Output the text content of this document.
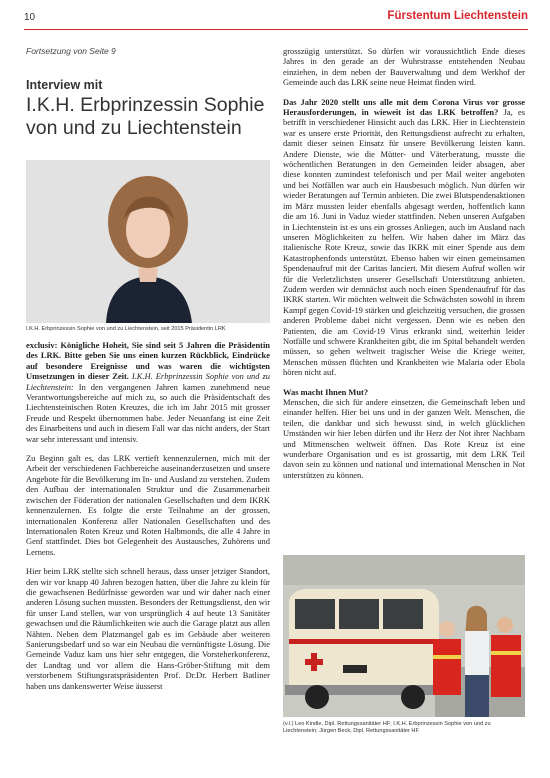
10	Fürstentum Liechtenstein
Fortsetzung von Seite 9
Interview mit
I.K.H. Erbprinzessin Sophie von und zu Liechtenstein
I.K.H. Erbprinzessin Sophie von und zu Liechtenstein, seit 2015 Präsidentin LRK

exclusiv: Königliche Hoheit, Sie sind seit 5 Jahren die Präsidentin des LRK. Bitte geben Sie uns einen kurzen Rückblick, Eindrücke auf besondere Ereignisse und was waren die wichtigsten Umsetzungen in dieser Zeit. I.K.H. Erbprinzessin Sophie von und zu Liechtenstein: In den vergangenen Jahren kamen zunehmend neue Verantwortungsbereiche auf mich zu, so auch die Präsidentschaft des Liechtensteinischen Roten Kreuzes, die ich im Jahr 2015 mit grosser Freude und Respekt übernommen habe. Jeder Neuanfang ist eine Zeit des Einarbeitens und auch in diesem Fall war das nicht anders, der Start war sehr interessant und intensiv.

Zu Beginn galt es, das LRK vertieft kennenzulernen, mich mit der Arbeit der verschiedenen Fachbereiche auseinanderzusetzen und unsere Angebote für die Bevölkerung im In- und Ausland zu verstehen. Zudem den Aufbau der internationalen Struktur und die Zusammenarbeit zwischen der Föderation der nationalen Gesellschaften und dem IKRK kennenzulernen. Es folgte die erste Teilnahme an der grossen, internationalen Konferenz aller Nationalen Gesellschaften und des Internationalen Roten Kreuz und Roten Halbmonds, die alle 4 Jahre in Genf stattfindet. Dies bot Gelegenheit des Austausches, Zuhörens und Lernens.

Hier beim LRK stellte sich schnell heraus, dass unser jetziger Standort, den wir vor knapp 40 Jahren bezogen hatten, über die Jahre zu klein für die gewachsenen Bedürfnisse geworden war und wir daher nach einer anderen Lösung suchen mussten. Besonders der Rettungsdienst, den wir für unser Land stellen, war von ursprünglich 4 auf heute 13 Sanitäter gewachsen und die Räumlichkeiten wie auch die Garage platzt aus allen Nähten. Neben dem Platzmangel gab es im Gebäude aber weiteren Sanierungsbedarf und so war ein Neubau die vernünftigste Lösung. Die Gemeinde Vaduz kam uns hier sehr entgegen, die Vorsteherkonferenz, der Landtag und vor allem die Hans-Gröber-Stiftung mit dem verstorbenem Stiftungsratspräsidenten Prof. Dr.Dr. Herbert Batliner haben uns dankenswerter Weise äusserst

grosszügig unterstützt. So dürfen wir voraussichtlich Ende dieses Jahres in den gerade an der Wuhrstrasse entstehenden Neubau einziehen, in dem neben der Bauverwaltung und dem Werkhof der Gemeinde auch das LRK seine neue Heimat finden wird.

Das Jahr 2020 stellt uns alle mit dem Corona Virus vor grosse Herausforderungen, in wieweit ist das LRK betroffen? Ja, es betrifft in verschiedener Hinsicht auch das LRK. Hier in Liechtenstein war es unsere erste Priorität, den Rettungsdienst aufrecht zu erhalten, damit dieser seinen Einsatz für unsere Bevölkerung leisten kann. Andere Dienste, wie die Mütter- und Väterberatung, musste die wöchentlichen Beratungen in den Gemeinden leider absagen, aber diese konnten zumindest telefonisch und per Mail weiter angeboten und bei Notfällen war auch ein Hausbesuch möglich. Nun dürfen wir wieder Beratungen auf Termin anbieten. Die zwei Blutspendenaktionen im März mussten leider ebenfalls abgesagt werden, hoffentlich kann die am 16. Juni in Vaduz wieder stattfinden. Neben unseren Aufgaben in Liechtenstein ist es uns ein grosses Anliegen, auch im Ausland nach unseren Möglichkeiten zu helfen. Wir haben daher im März das italienische Rote Kreuz, sowie das IKRK mit einer Spende aus dem Katastrophenfonds unterstützt. Ebenso haben wir einen gemeinsamen Spendenaufruf mit der Caritas lanciert. Mit diesem Aufruf wollen wir für die Verletzlichsten unserer Gesellschaft Unterstützung anbieten. Zudem werden wir demnächst auch noch einen Spendenaufruf für das IKRK starten. Wir möchten weltweit die Schwächsten sowohl in ihrem Kampf gegen Covid-19 stärken und gleichzeitig versuchen, die grossen anderen Probleme dabei nicht vergessen. Denn wie es neben den Patienten, die am Covid-19 Virus erkrankt sind, weiterhin leider Notfälle und schwere Krankheiten gibt, die im Spital behandelt werden müssen, so gehen weltweit tragischer Weise die Kriege weiter, Menschen müssen flüchten und Krankheiten wie Malaria oder Ebola hören nicht auf.

Was macht Ihnen Mut?
Menschen, die sich für andere einsetzen, die Gemeinschaft leben und einander helfen. Hier bei uns und in der ganzen Welt. Menschen, die teilen, die dankbar und sich bewusst sind, in welch glücklichen Umständen wir hier leben dürfen und ihr Herz der Not ihrer Nachbarn und Mitmenschen weltweit öffnen. Das Rote Kreuz ist eine wunderbare Organisation und es ist grossartig, mit dem LRK Teil davon sein zu können und national und international Menschen in Not unterstützen zu können.

(v.l.) Leo Kindle, Dipl. Rettungssanitäter HF; I.K.H. Erbprinzessin Sophie von und zu Liechtenstein; Jürgen Beck, Dipl. Rettungssanitäter HF
